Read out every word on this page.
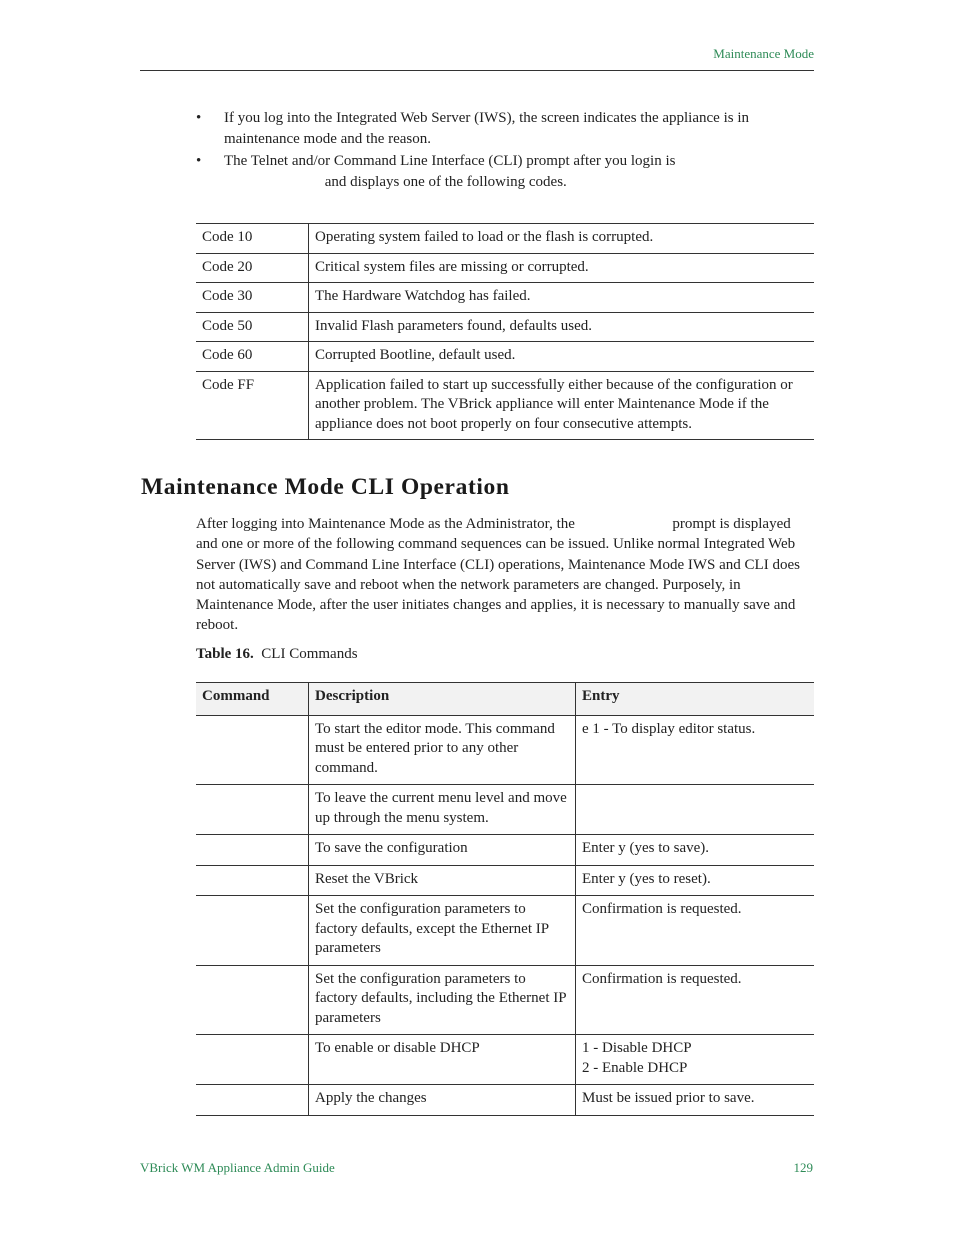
Maintenance Mode
• If you log into the Integrated Web Server (IWS), the screen indicates the appliance is in maintenance mode and the reason.
• The Telnet and/or Command Line Interface (CLI) prompt after you login is
and displays one of the following codes.
Code 10	Operating system failed to load or the flash is corrupted.
Code 20	Critical system files are missing or corrupted.
Code 30	The Hardware Watchdog has failed.
Code 50	Invalid Flash parameters found, defaults used.
Code 60	Corrupted Bootline, default used.
Code FF	Application failed to start up successfully either because of the configuration or another problem. The VBrick appliance will enter Maintenance Mode if the appliance does not boot properly on four consecutive attempts.
Maintenance Mode CLI Operation

After logging into Maintenance Mode as the Administrator, the	prompt is displayed and one or more of the following command sequences can be issued. Unlike normal Integrated Web Server (IWS) and Command Line Interface (CLI) operations, Maintenance Mode IWS and CLI does not automatically save and reboot when the network parameters are changed. Purposely, in Maintenance Mode, after the user initiates changes and applies, it is necessary to manually save and reboot.

Table 16. CLI Commands
Command	Description	Entry
	To start the editor mode. This command must be entered prior to any other command.	e 1 - To display editor status.
	To leave the current menu level and move up through the menu system.	
	To save the configuration	Enter y (yes to save).
	Reset the VBrick	Enter y (yes to reset).
	Set the configuration parameters to factory defaults, except the Ethernet IP parameters	Confirmation is requested.
	Set the configuration parameters to factory defaults, including the Ethernet IP parameters	Confirmation is requested.
	To enable or disable DHCP	1 - Disable DHCP
2 - Enable DHCP
	Apply the changes	Must be issued prior to save.
VBrick WM Appliance Admin Guide	129
